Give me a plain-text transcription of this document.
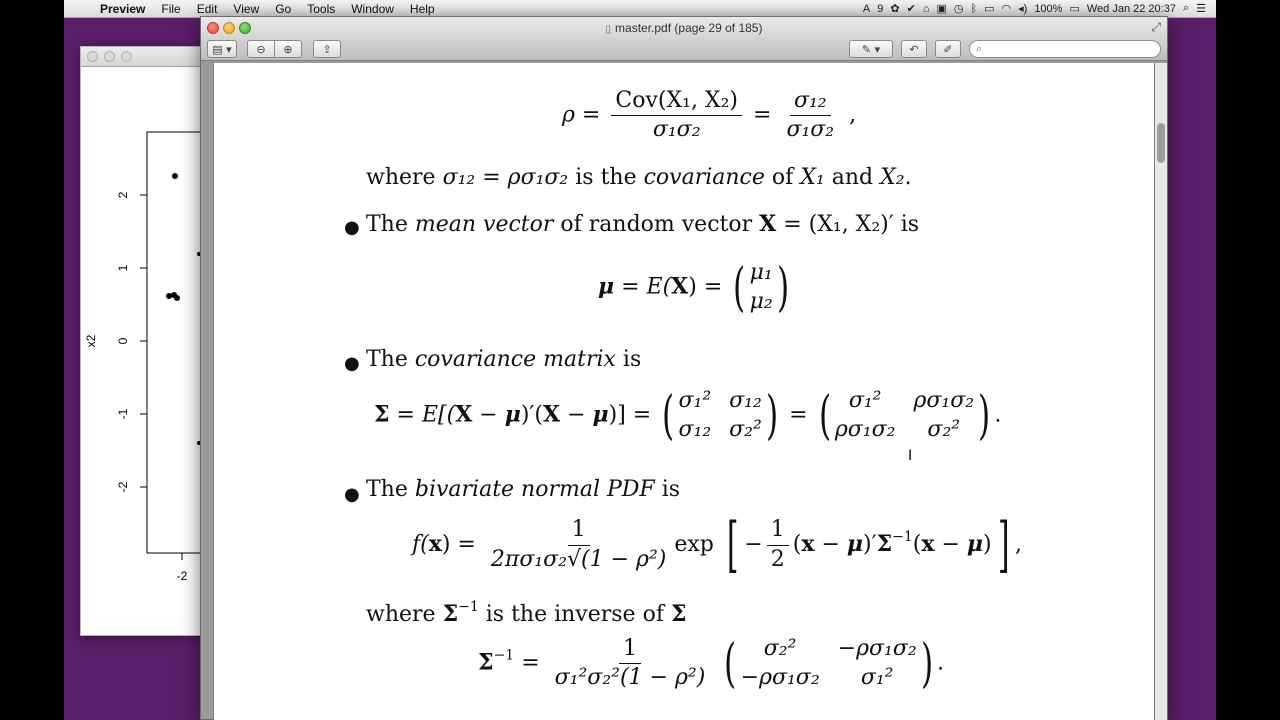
Preview	File	Edit	View	Go	Tools	Window	Help	A 9 ✿ ✔ ⌂ ▣ ◷ ᛒ ▭ ◠ ◂) 100% ▭ Wed Jan 22 20:37 ⌕ ☰
2
1
0
-1
-2
x2
-2
▯ master.pdf (page 29 of 185)	⤢
▤ ▾	⊖	⊕	⇪	✎ ▾	↶	✐	⌕
$\rho = \frac{\text{Cov(X₁, X₂)}}{\text{σ₁σ₂}} = \frac{\text{σ₁₂}}{\text{σ₁σ₂}}$ ,
where σ₁₂ = ρσ₁σ₂ is the covariance of X₁ and X₂.
● The mean vector of random vector X = (X₁, X₂)′ is
μ = E(X) = ( μ₁
μ₂ )
● The covariance matrix is
Σ = E[(X − μ)′(X − μ)] = ( σ₁² σ₁₂
σ₁₂ σ₂² ) = ( σ₁²	ρσ₁σ₂
ρσ₁σ₂	σ₂² ) .
● The bivariate normal PDF is
$f(x) = \frac{1}{\text{2πσ₁σ₂√(1 − ρ²)}}$ exp [ − $\frac{1}{2} (x - \mu)'\Sigma^{-1}(x - \mu)$] ,
where $\Sigma^{-1}$ is the inverse of Σ
$\Sigma^{-1} = \frac{1}{\text{σ₁²σ₂²(1 − ρ²)}}$ (	σ₂²	−ρσ₁σ₂
−ρσ₁σ₂	σ₁² ) .
I
